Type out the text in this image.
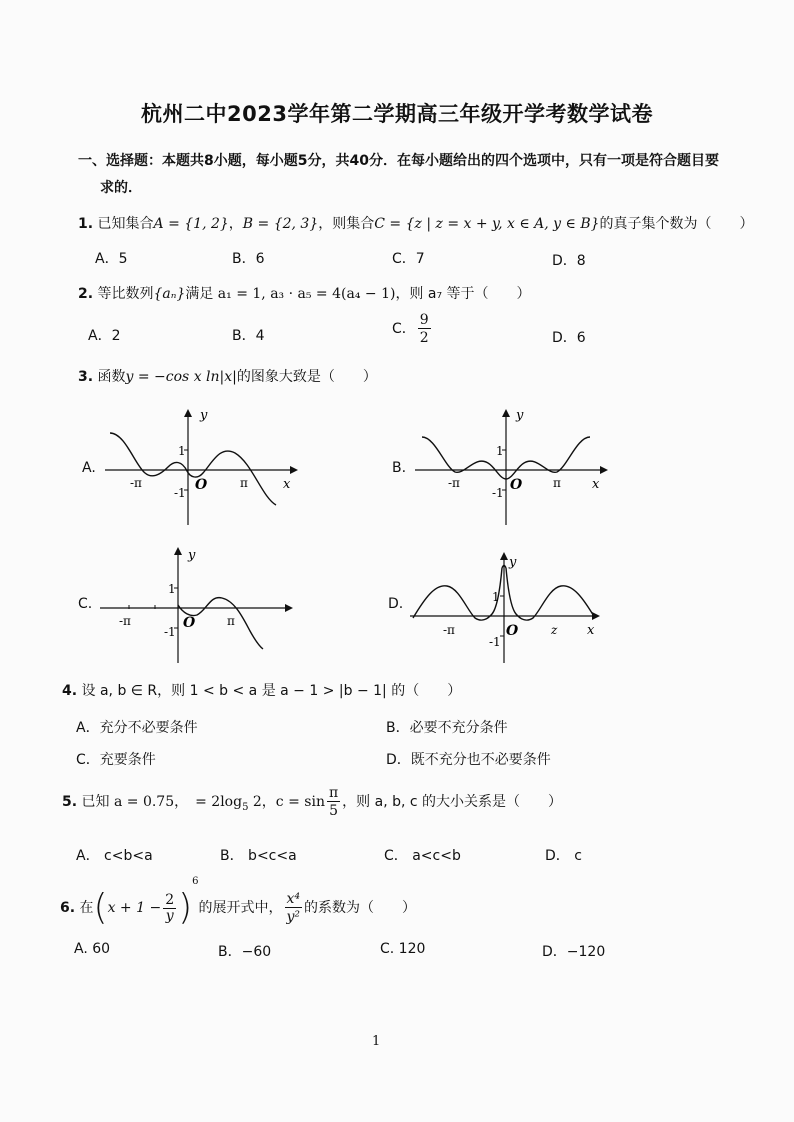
杭州二中2023学年第二学期高三年级开学考数学试卷
一、选择题：本题共8小题，每小题5分，共40分．在每小题给出的四个选项中，只有一项是符合题目要
求的．
1. 已知集合A = {1, 2}，B = {2, 3}，则集合C = {z | z = x + y, x ∈ A, y ∈ B}的真子集个数为（　　）
A．5	B．6	C．7	D．8
2. 等比数列{aₙ}满足 a₁ = 1, a₃ · a₅ = 4(a₄ − 1)，则 a₇ 等于（　　）
A．2	B．4	C． $\frac{9}{2}$	D．6
3. 函数y = −cos x ln|x|的图象大致是（　　）
A.
y
x
1
-1 O	π
-π
B.
y
x
1
-1 O	π
-π
C.
y
1
-1
O	π
-π
D.
y
x
1
-1
O	z
-π
4. 设 a, b ∈ R，则 1 < b < a 是 a − 1 > |b − 1| 的（　　）
A．充分不必要条件	B．必要不充分条件
C．充要条件	D．既不充分也不必要条件
5. 已知 a = 0.75，　= $2\log_5$ 2，$c = \sin \frac{\pi}{5}$ ，则 a, b, c 的大小关系是（　　）
A． c<b<a	B． b<c<a	C． a<c<b	D． c
6. 在$(x + 1 - \frac{2}{y} )^6$的展开式中， $\frac{\text{x⁴}}{\text{y²}}$ 的系数为（　　）
A. 60	B．−60	C. 120	D．−120
1
